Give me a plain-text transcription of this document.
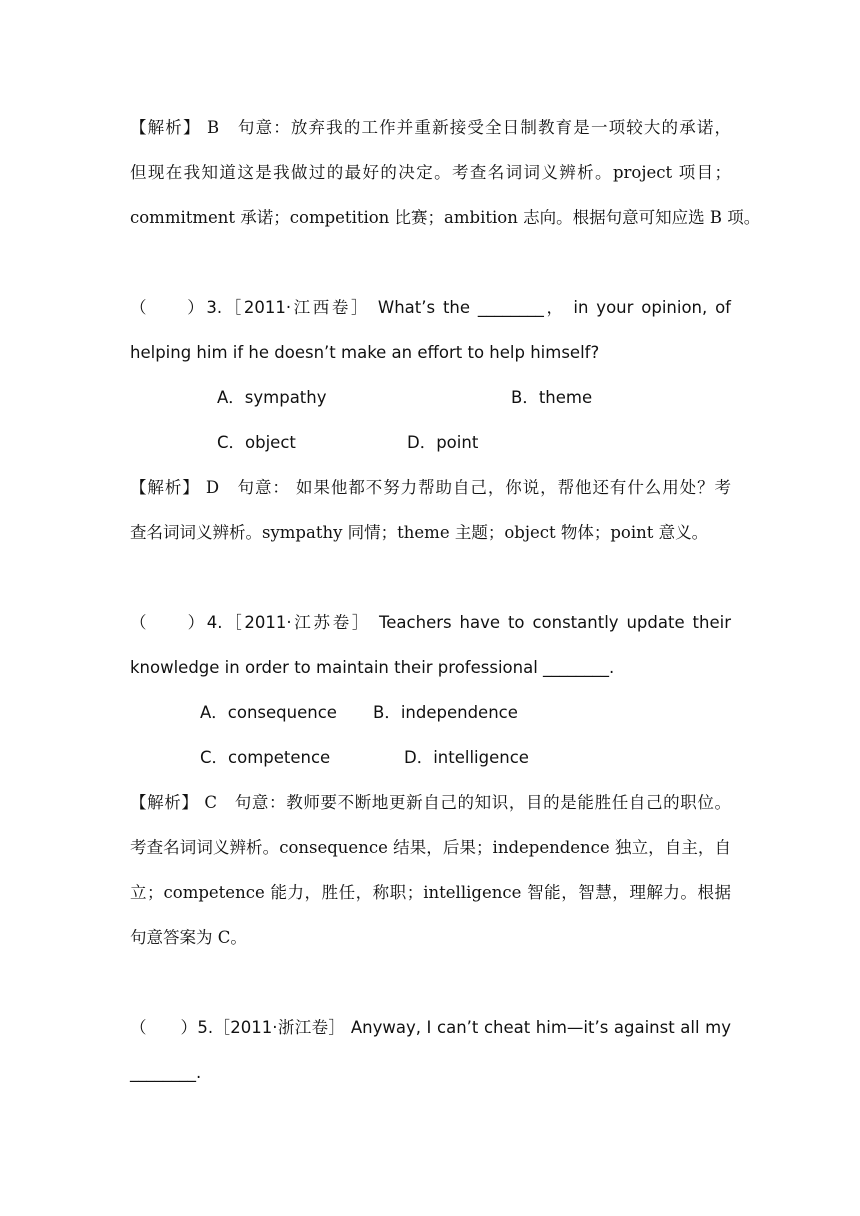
【解析】 B　句意：放弃我的工作并重新接受全日制教育是一项较大的承诺，
但现在我知道这是我做过的最好的决定。考查名词词义辨析。project 项目；
commitment 承诺；competition 比赛；ambition 志向。根据句意可知应选 B 项。
（　　）3.［2011·江西卷］ What’s the ________， in your opinion, of
helping him if he doesn’t make an effort to help himself?
A．sympathy	B．theme
C．object	D．point
【解析】 D　句意： 如果他都不努力帮助自己，你说，帮他还有什么用处？考
查名词词义辨析。sympathy 同情；theme 主题；object 物体；point 意义。
（　　）4.［2011·江苏卷］ Teachers have to constantly update their
knowledge in order to maintain their professional ________.
A．consequence B．independence
C．competence	D．intelligence
【解析】 C　句意：教师要不断地更新自己的知识，目的是能胜任自己的职位。
考查名词词义辨析。consequence 结果，后果；independence 独立，自主，自
立；competence 能力，胜任，称职；intelligence 智能，智慧，理解力。根据
句意答案为 C。
（　　）5.［2011·浙江卷］ Anyway, I can’t cheat him—it’s against all my
________.
